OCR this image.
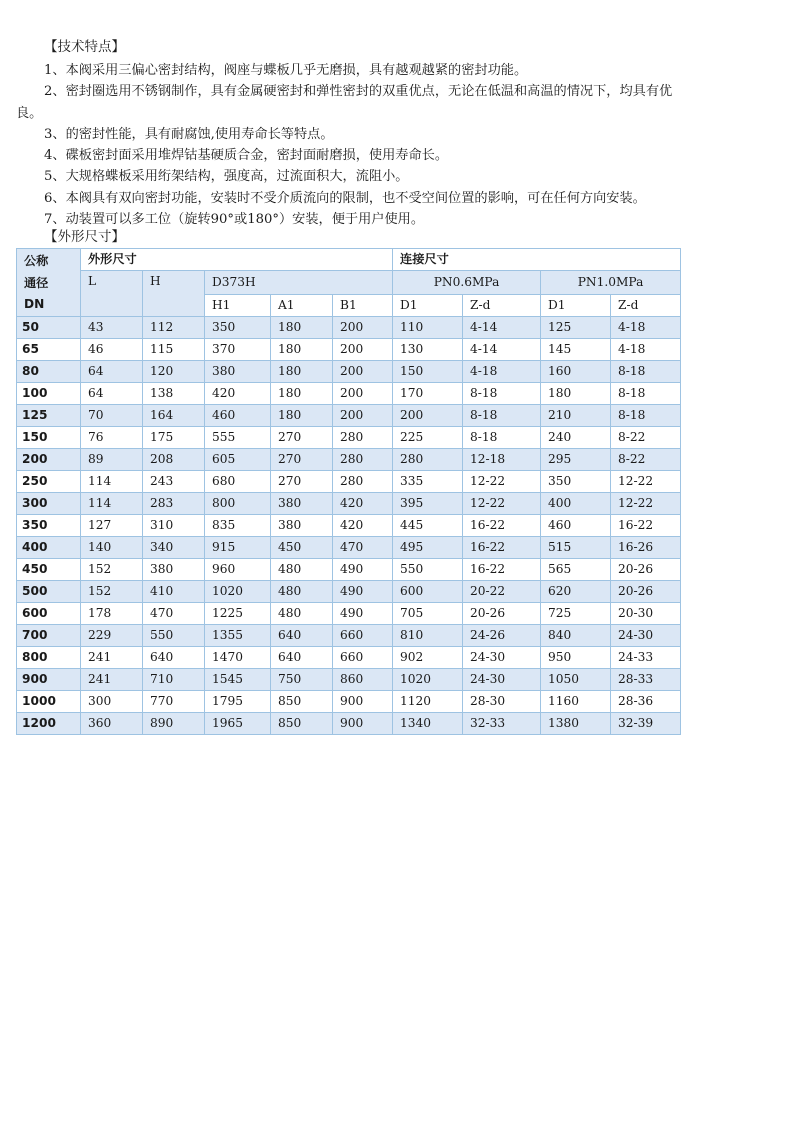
【技术特点】

1、本阀采用三偏心密封结构，阀座与蝶板几乎无磨损，具有越观越紧的密封功能。

2、密封圈选用不锈钢制作，具有金属硬密封和弹性密封的双重优点，无论在低温和高温的情况下，均具有优良。

3、的密封性能，具有耐腐蚀,使用寿命长等特点。

4、碟板密封面采用堆焊钴基硬质合金，密封面耐磨损，使用寿命长。

5、大规格蝶板采用绗架结构，强度高，过流面积大，流阻小。

6、本阀具有双向密封功能，安装时不受介质流向的限制，也不受空间位置的影响，可在任何方向安装。

7、动装置可以多工位（旋转90°或180°）安装，便于用户使用。

【外形尺寸】
公称
通径
DN	外形尺寸					连接尺寸			
	L	H	D373H			PN0.6MPa		PN1.0MPa	
			H1	A1	B1	D1	Z-d	D1	Z-d
50	43	112	350	180	200	110	4-14	125	4-18
65	46	115	370	180	200	130	4-14	145	4-18
80	64	120	380	180	200	150	4-18	160	8-18
100	64	138	420	180	200	170	8-18	180	8-18
125	70	164	460	180	200	200	8-18	210	8-18
150	76	175	555	270	280	225	8-18	240	8-22
200	89	208	605	270	280	280	12-18	295	8-22
250	114	243	680	270	280	335	12-22	350	12-22
300	114	283	800	380	420	395	12-22	400	12-22
350	127	310	835	380	420	445	16-22	460	16-22
400	140	340	915	450	470	495	16-22	515	16-26
450	152	380	960	480	490	550	16-22	565	20-26
500	152	410	1020	480	490	600	20-22	620	20-26
600	178	470	1225	480	490	705	20-26	725	20-30
700	229	550	1355	640	660	810	24-26	840	24-30
800	241	640	1470	640	660	902	24-30	950	24-33
900	241	710	1545	750	860	1020	24-30	1050	28-33
1000	300	770	1795	850	900	1120	28-30	1160	28-36
1200	360	890	1965	850	900	1340	32-33	1380	32-39
